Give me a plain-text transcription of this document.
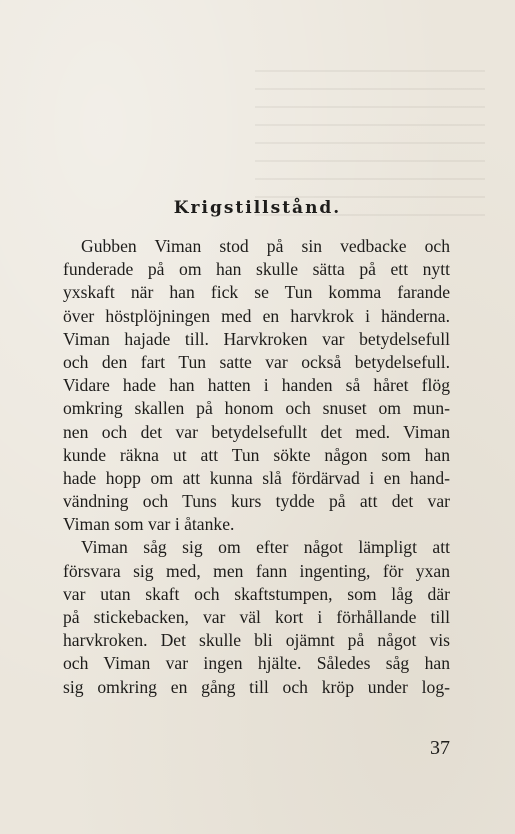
Krigstillstånd.
Gubben Viman stod på sin vedbacke och
funderade på om han skulle sätta på ett nytt
yxskaft när han fick se Tun komma farande
över höstplöjningen med en harvkrok i händerna.
Viman hajade till. Harvkroken var betydelsefull
och den fart Tun satte var också betydelsefull.
Vidare hade han hatten i handen så håret flög
omkring skallen på honom och snuset om mun-
nen och det var betydelsefullt det med. Viman
kunde räkna ut att Tun sökte någon som han
hade hopp om att kunna slå fördärvad i en hand-
vändning och Tuns kurs tydde på att det var
Viman som var i åtanke.
Viman såg sig om efter något lämpligt att
försvara sig med, men fann ingenting, för yxan
var utan skaft och skaftstumpen, som låg där
på stickebacken, var väl kort i förhållande till
harvkroken. Det skulle bli ojämnt på något vis
och Viman var ingen hjälte. Således såg han
sig omkring en gång till och kröp under log-
37
